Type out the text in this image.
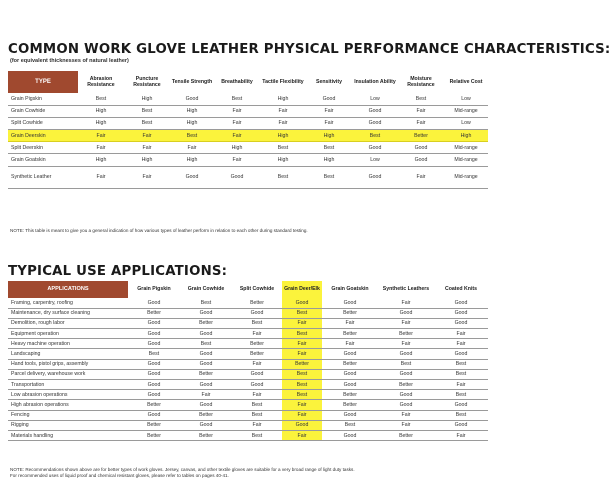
COMMON WORK GLOVE LEATHER PHYSICAL PERFORMANCE CHARACTERISTICS:
(for equivalent thicknesses of natural leather)
TYPE	Abrasion Resistance	Puncture Resistance	Tensile Strength	Breathability	Tactile Flexibility	Sensitivity	Insulation Ability	Moisture Resistance	Relative Cost
Grain Pigskin	Best	High	Good	Best	High	Good	Low	Best	Low
Grain Cowhide	High	Best	High	Fair	Fair	Fair	Good	Fair	Mid-range
Split Cowhide	High	Best	High	Fair	Fair	Fair	Good	Fair	Low
Grain Deerskin	Fair	Fair	Best	Fair	High	High	Best	Better	High
Split Deerskin	Fair	Fair	Fair	High	Best	Best	Good	Good	Mid-range
Grain Goatskin	High	High	High	Fair	High	High	Low	Good	Mid-range
Synthetic Leather	Fair	Fair	Good	Good	Best	Best	Good	Fair	Mid-range
NOTE: This table is meant to give you a general indication of how various types of leather perform in relation to each other during standard testing.
TYPICAL USE APPLICATIONS:
APPLICATIONS	Grain Pigskin	Grain Cowhide	Split Cowhide	Grain Deer/Elk	Grain Goatskin	Synthetic Leathers	Coated Knits
Framing, carpentry, roofing	Good	Best	Better	Good	Good	Fair	Good
Maintenance, dry surface cleaning	Better	Good	Good	Best	Better	Good	Good
Demolition, rough labor	Good	Better	Best	Fair	Fair	Fair	Good
Equipment operation	Good	Good	Fair	Best	Better	Better	Fair
Heavy machine operation	Good	Best	Better	Fair	Fair	Fair	Fair
Landscaping	Best	Good	Better	Fair	Good	Good	Good
Hand tools, pistol grips, assembly	Good	Good	Fair	Better	Better	Best	Best
Parcel delivery, warehouse work	Good	Better	Good	Best	Good	Good	Best
Transportation	Good	Good	Good	Best	Good	Better	Fair
Low abrasion operations	Good	Fair	Fair	Best	Better	Good	Best
High abrasion operations	Better	Good	Best	Fair	Better	Good	Good
Fencing	Good	Better	Best	Fair	Good	Fair	Best
Rigging	Better	Good	Fair	Good	Best	Fair	Good
Materials handling	Better	Better	Best	Fair	Good	Better	Fair
NOTE: Recommendations shown above are for better types of work gloves. Jersey, canvas, and other textile gloves are suitable for a very broad range of light duty tasks.
For recommended uses of liquid proof and chemical resistant gloves, please refer to tables on pages 40-41.
